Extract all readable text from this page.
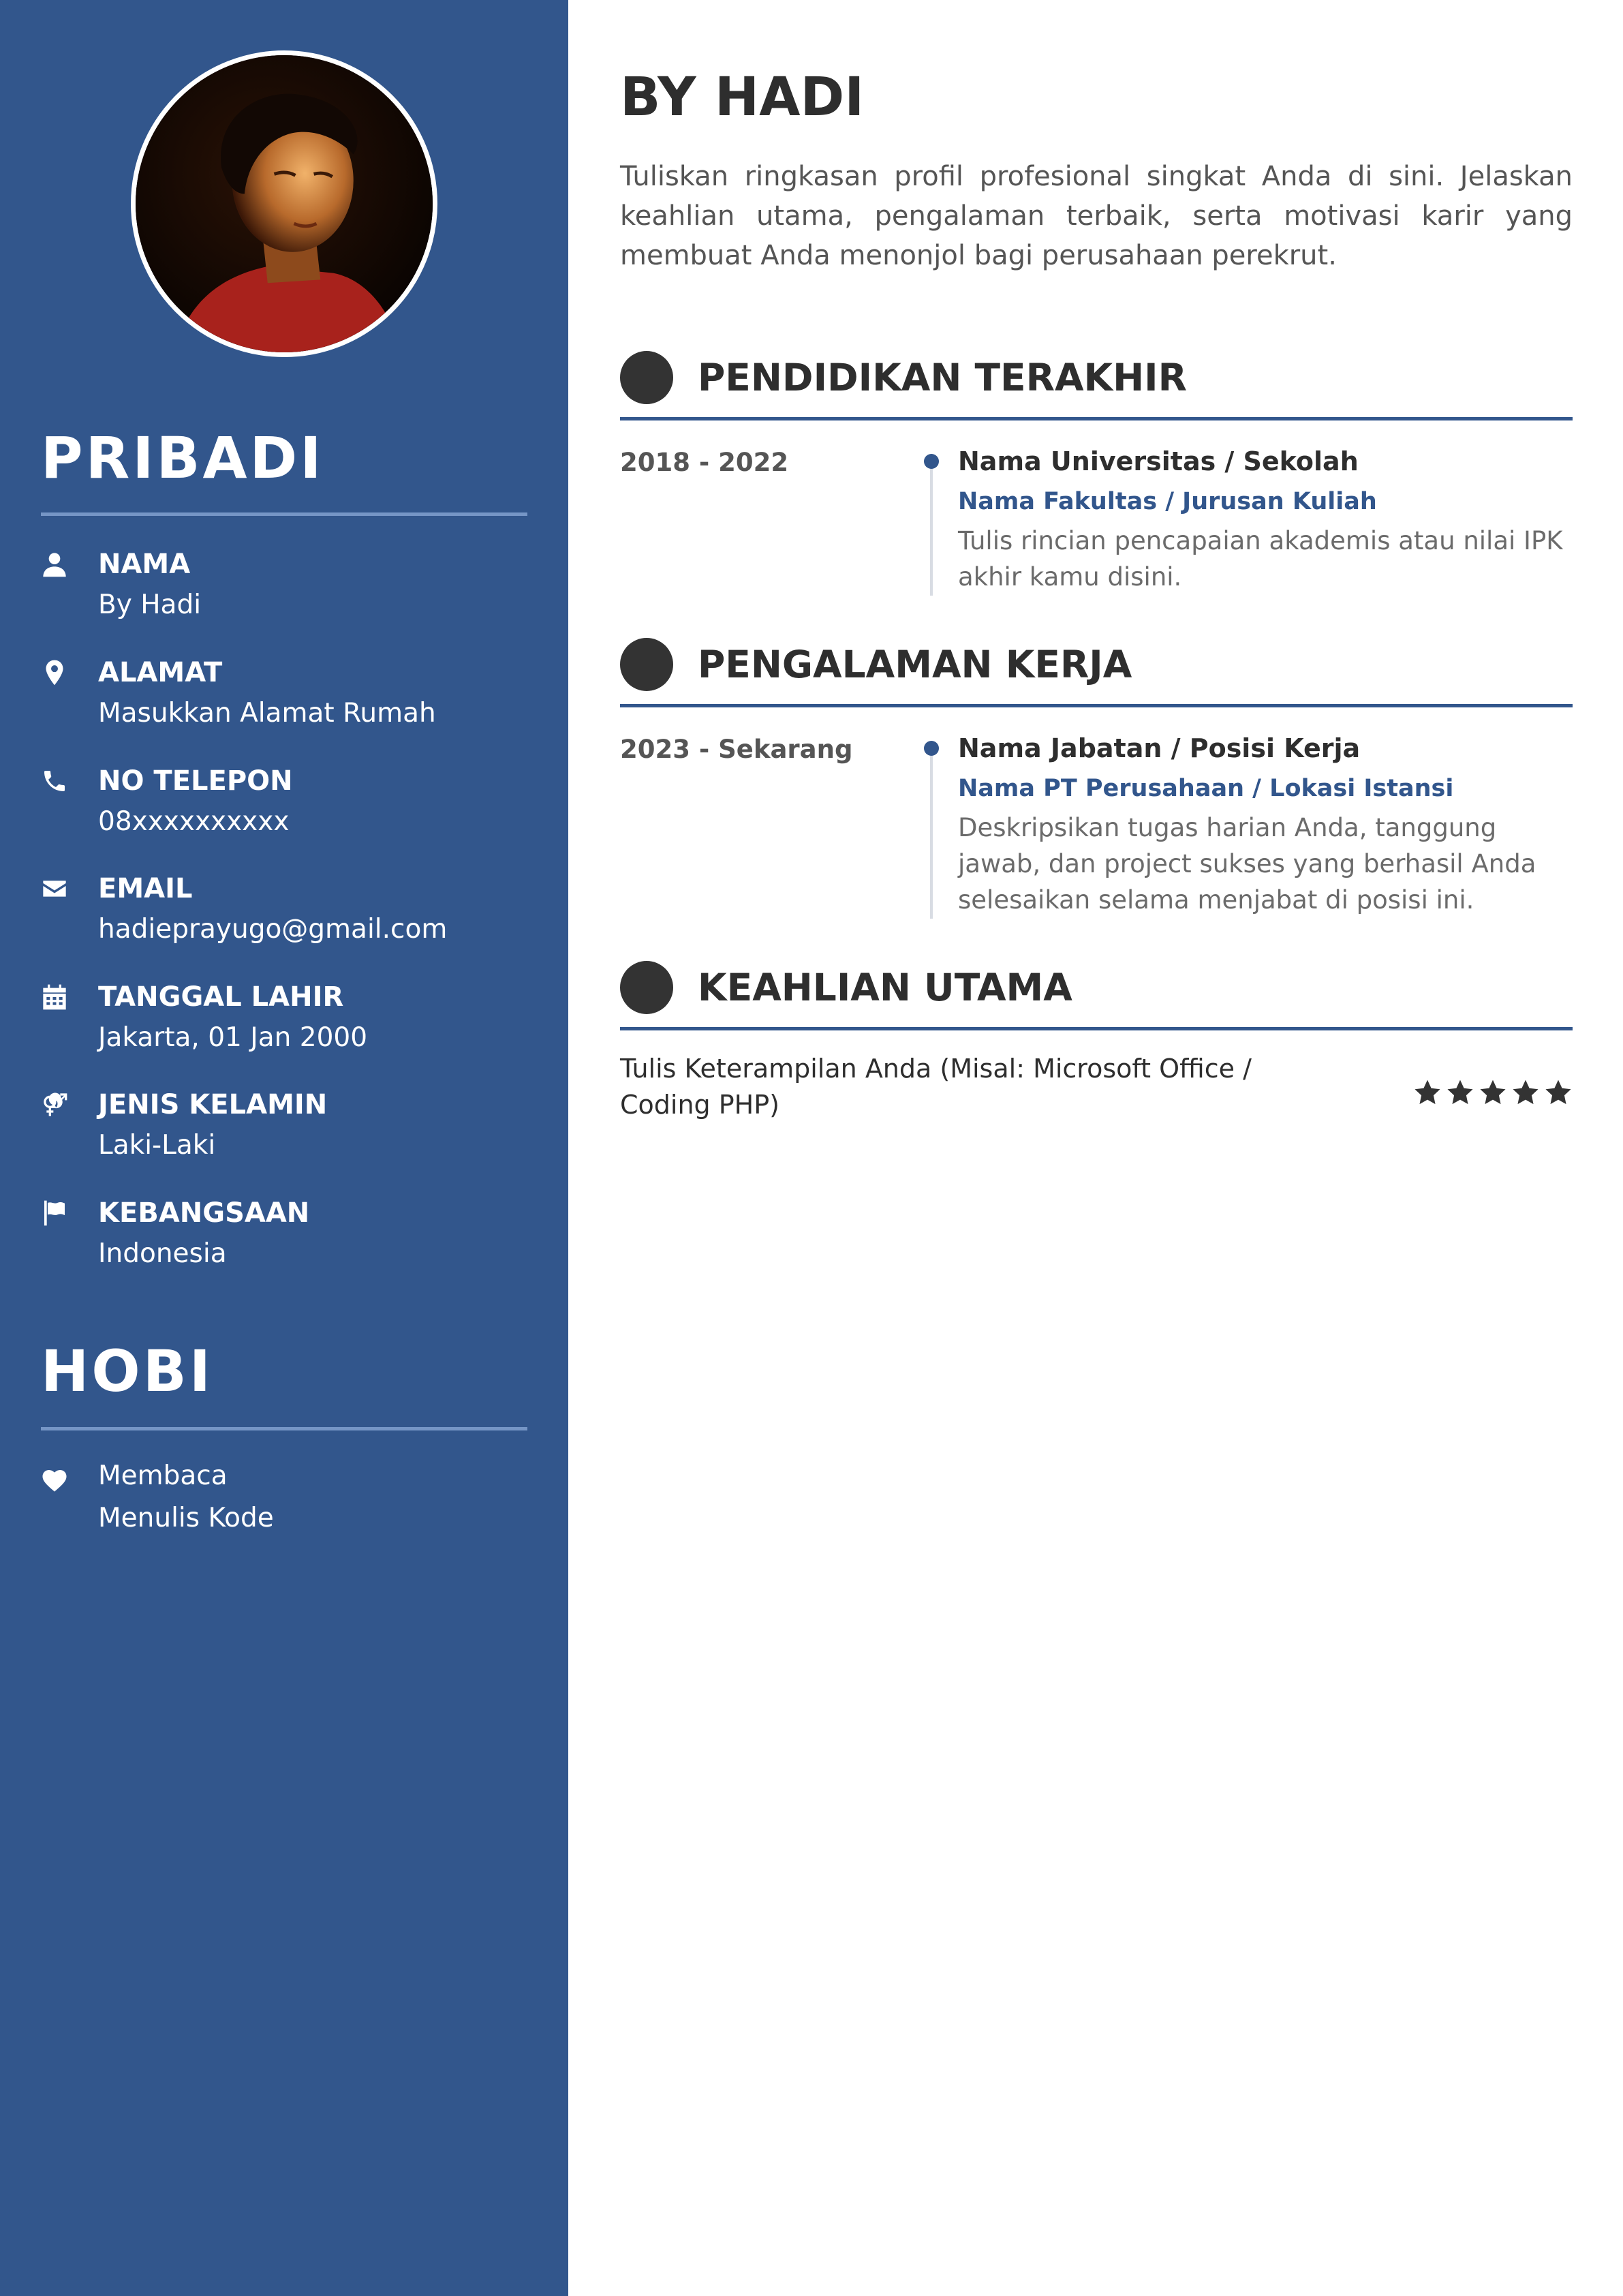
PRIBADI
NAMA
By Hadi
ALAMAT
Masukkan Alamat Rumah
NO TELEPON
08xxxxxxxxxx
EMAIL
hadieprayugo@gmail.com
TANGGAL LAHIR
Jakarta, 01 Jan 2000
JENIS KELAMIN
Laki-Laki
KEBANGSAAN
Indonesia
HOBI
Membaca
Menulis Kode
BY HADI
Tuliskan ringkasan profil profesional singkat Anda di sini. Jelaskan keahlian utama, pengalaman terbaik, serta motivasi karir yang membuat Anda menonjol bagi perusahaan perekrut.
PENDIDIKAN TERAKHIR
2018 - 2022	Nama Universitas / Sekolah
Nama Fakultas / Jurusan Kuliah
Tulis rincian pencapaian akademis atau nilai IPK akhir kamu disini.
PENGALAMAN KERJA
2023 - Sekarang	Nama Jabatan / Posisi Kerja
Nama PT Perusahaan / Lokasi Istansi
Deskripsikan tugas harian Anda, tanggung jawab, dan project sukses yang berhasil Anda selesaikan selama menjabat di posisi ini.
KEAHLIAN UTAMA
Tulis Keterampilan Anda (Misal: Microsoft Office / Coding PHP)
